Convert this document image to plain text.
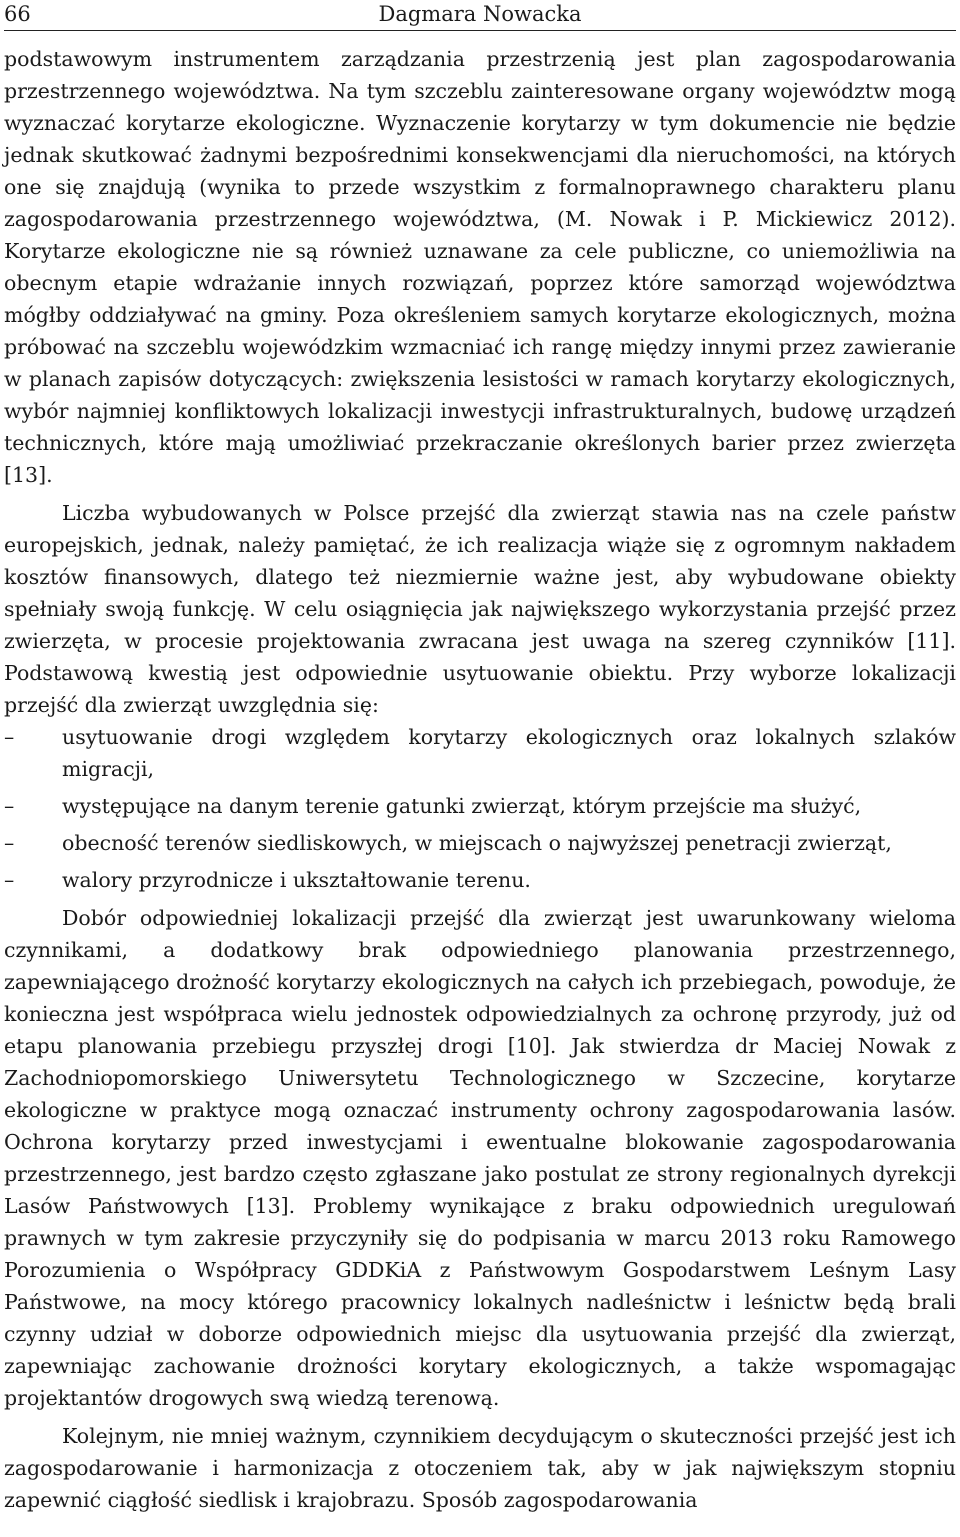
66	Dagmara Nowacka

podstawowym instrumentem zarządzania przestrzenią jest plan zagospodarowania przestrzennego województwa. Na tym szczeblu zainteresowane organy województw mogą wyznaczać korytarze ekologiczne. Wyznaczenie korytarzy w tym dokumencie nie będzie jednak skutkować żadnymi bezpośrednimi konsekwencjami dla nieruchomości, na których one się znajdują (wynika to przede wszystkim z formalnoprawnego charakteru planu zagospodarowania przestrzennego województwa, (M. Nowak i P. Mickiewicz 2012). Korytarze ekologiczne nie są również uznawane za cele publiczne, co uniemożliwia na obecnym etapie wdrażanie innych rozwiązań, poprzez które samorząd województwa mógłby oddziaływać na gminy. Poza określeniem samych korytarze ekologicznych, można próbować na szczeblu wojewódzkim wzmacniać ich rangę między innymi przez zawieranie w planach zapisów dotyczących: zwiększenia lesistości w ramach korytarzy ekologicznych, wybór najmniej konfliktowych lokalizacji inwestycji infrastrukturalnych, budowę urządzeń technicznych, które mają umożliwiać przekraczanie określonych barier przez zwierzęta [13].

Liczba wybudowanych w Polsce przejść dla zwierząt stawia nas na czele państw europejskich, jednak, należy pamiętać, że ich realizacja wiąże się z ogromnym nakładem kosztów finansowych, dlatego też niezmiernie ważne jest, aby wybudowane obiekty spełniały swoją funkcję. W celu osiągnięcia jak największego wykorzystania przejść przez zwierzęta, w procesie projektowania zwracana jest uwaga na szereg czynników [11]. Podstawową kwestią jest odpowiednie usytuowanie obiektu. Przy wyborze lokalizacji przejść dla zwierząt uwzględnia się:

–	usytuowanie drogi względem korytarzy ekologicznych oraz lokalnych szlaków migracji,
–	występujące na danym terenie gatunki zwierząt, którym przejście ma służyć,
–	obecność terenów siedliskowych, w miejscach o najwyższej penetracji zwierząt,
–	walory przyrodnicze i ukształtowanie terenu.

Dobór odpowiedniej lokalizacji przejść dla zwierząt jest uwarunkowany wieloma czynnikami, a dodatkowy brak odpowiedniego planowania przestrzennego, zapewniającego drożność korytarzy ekologicznych na całych ich przebiegach, powoduje, że konieczna jest współpraca wielu jednostek odpowiedzialnych za ochronę przyrody, już od etapu planowania przebiegu przyszłej drogi [10]. Jak stwierdza dr Maciej Nowak z Zachodniopomorskiego Uniwersytetu Technologicznego w Szczecine, korytarze ekologiczne w praktyce mogą oznaczać instrumenty ochrony zagospodarowania lasów. Ochrona korytarzy przed inwestycjami i ewentualne blokowanie zagospodarowania przestrzennego, jest bardzo często zgłaszane jako postulat ze strony regionalnych dyrekcji Lasów Państwowych [13]. Problemy wynikające z braku odpowiednich uregulowań prawnych w tym zakresie przyczyniły się do podpisania w marcu 2013 roku Ramowego Porozumienia o Współpracy GDDKiA z Państwowym Gospodarstwem Leśnym Lasy Państwowe, na mocy którego pracownicy lokalnych nadleśnictw i leśnictw będą brali czynny udział w doborze odpowiednich miejsc dla usytuowania przejść dla zwierząt, zapewniając zachowanie drożności korytary ekologicznych, a także wspomagając projektantów drogowych swą wiedzą terenową.

Kolejnym, nie mniej ważnym, czynnikiem decydującym o skuteczności przejść jest ich zagospodarowanie i harmonizacja z otoczeniem tak, aby w jak największym stopniu zapewnić ciągłość siedlisk i krajobrazu. Sposób zagospodarowania
